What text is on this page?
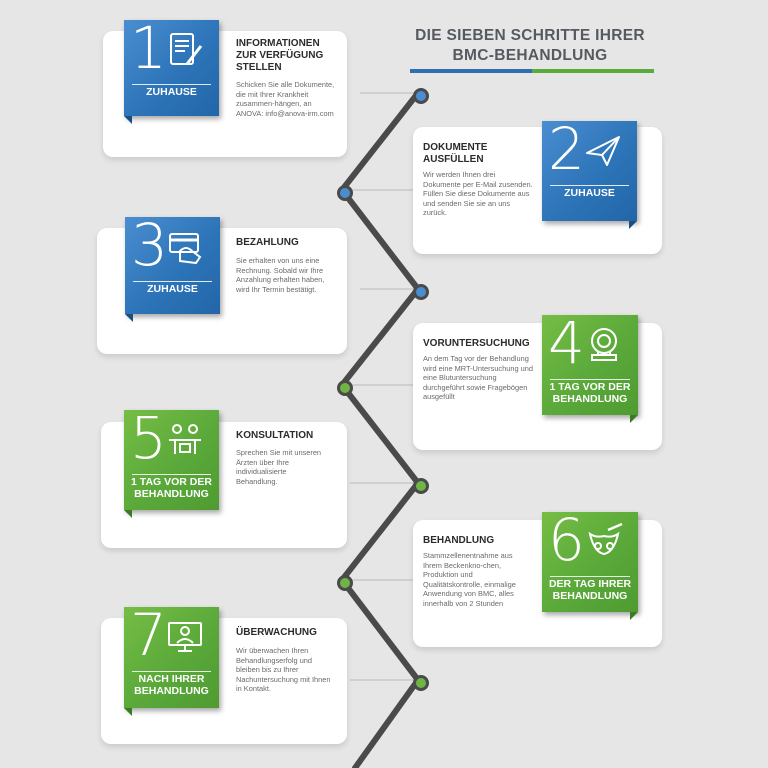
DIE SIEBEN SCHRITTE IHRER
BMC-BEHANDLUNG
1
ZUHAUSE
INFORMATIONEN ZUR VERFÜGUNG STELLEN
Schicken Sie alle Dokumente, die mit Ihrer Krankheit zusammen-hängen, an ANOVA: info@anova-irm.com
2
ZUHAUSE
DOKUMENTE AUSFÜLLEN
Wir werden Ihnen drei Dokumente per E-Mail zusenden. Füllen Sie diese Dokumente aus und senden Sie sie an uns zurück.
3
ZUHAUSE
BEZAHLUNG
Sie erhalten von uns eine Rechnung. Sobald wir Ihre Anzahlung erhalten haben, wird Ihr Termin bestätigt.
4
1 TAG VOR DER BEHANDLUNG
VORUNTERSUCHUNG
An dem Tag vor der Behandlung wird eine MRT-Untersuchung und eine Blutuntersuchung durchgeführt sowie Fragebögen ausgefüllt
5
1 TAG VOR DER BEHANDLUNG
KONSULTATION
Sprechen Sie mit unseren Ärzten über Ihre individualisierte Behandlung.
6
DER TAG IHRER BEHANDLUNG
BEHANDLUNG
Stammzellenentnahme aus Ihrem Beckenkno-chen, Produktion und Qualitätskontrolle, einmalige Anwendung von BMC, alles innerhalb von 2 Stunden
7
NACH IHRER BEHANDLUNG
ÜBERWACHUNG
Wir überwachen Ihren Behandlungserfolg und bleiben bis zu Ihrer Nachuntersuchung mit Ihnen in Kontakt.
